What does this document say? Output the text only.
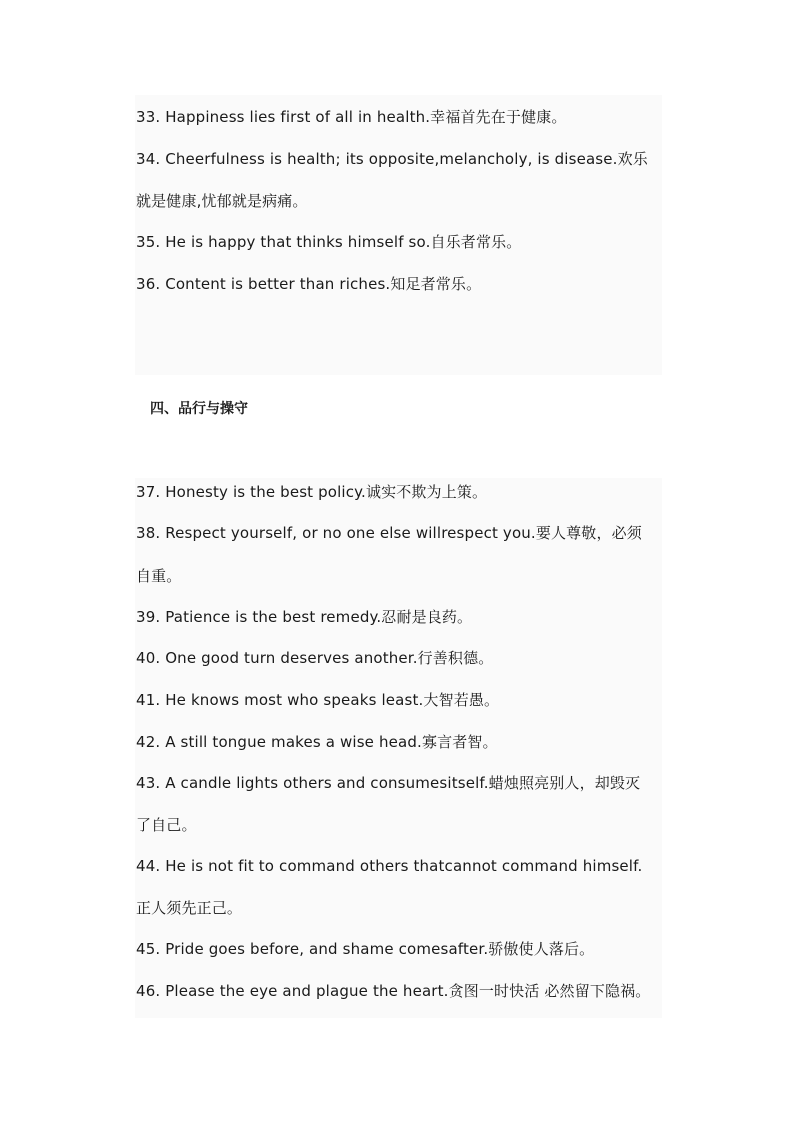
33. Happiness lies first of all in health.幸福首先在于健康。
34. Cheerfulness is health; its opposite,melancholy, is disease.欢乐
就是健康,忧郁就是病痛。
35. He is happy that thinks himself so.自乐者常乐。
36. Content is better than riches.知足者常乐。
四、品行与操守
37. Honesty is the best policy.诚实不欺为上策。
38. Respect yourself, or no one else willrespect you.要人尊敬，必须
自重。
39. Patience is the best remedy.忍耐是良药。
40. One good turn deserves another.行善积德。
41. He knows most who speaks least.大智若愚。
42. A still tongue makes a wise head.寡言者智。
43. A candle lights others and consumesitself.蜡烛照亮别人，却毁灭
了自己。
44. He is not fit to command others thatcannot command himself.
正人须先正己。
45. Pride goes before, and shame comesafter.骄傲使人落后。
46. Please the eye and plague the heart.贪图一时快活 必然留下隐祸。
